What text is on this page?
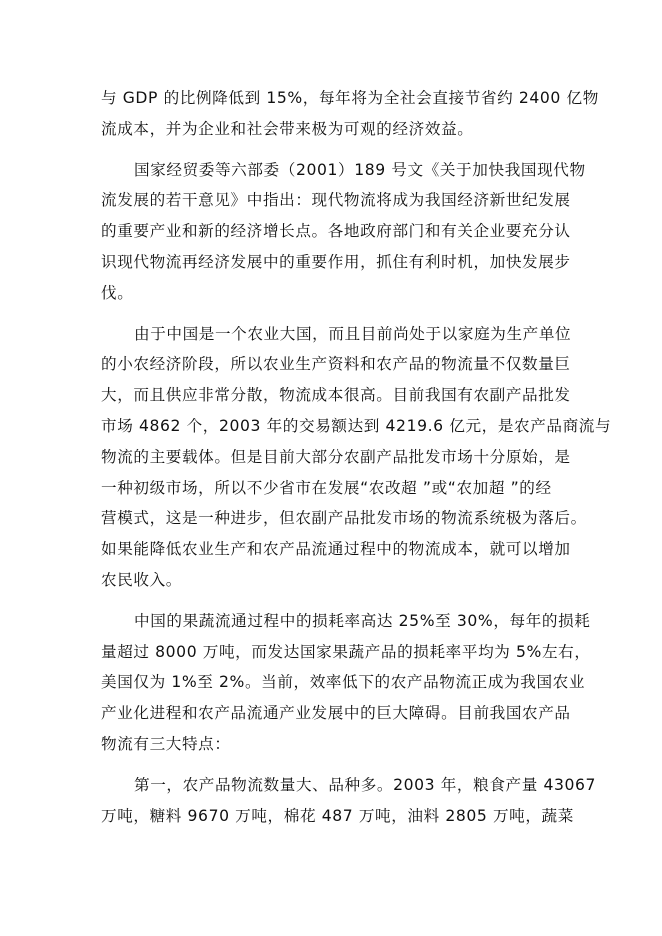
与 GDP 的比例降低到 15%，每年将为全社会直接节省约 2400 亿物
流成本，并为企业和社会带来极为可观的经济效益。
国家经贸委等六部委（2001）189 号文《关于加快我国现代物
流发展的若干意见》中指出：现代物流将成为我国经济新世纪发展
的重要产业和新的经济增长点。各地政府部门和有关企业要充分认
识现代物流再经济发展中的重要作用，抓住有利时机，加快发展步
伐。
由于中国是一个农业大国，而且目前尚处于以家庭为生产单位
的小农经济阶段，所以农业生产资料和农产品的物流量不仅数量巨
大，而且供应非常分散，物流成本很高。目前我国有农副产品批发
市场 4862 个，2003 年的交易额达到 4219.6 亿元，是农产品商流与
物流的主要载体。但是目前大部分农副产品批发市场十分原始，是
一种初级市场，所以不少省市在发展“农改超 ”或“农加超 ”的经
营模式，这是一种进步，但农副产品批发市场的物流系统极为落后。
如果能降低农业生产和农产品流通过程中的物流成本，就可以增加
农民收入。
中国的果蔬流通过程中的损耗率高达 25%至 30%，每年的损耗
量超过 8000 万吨，而发达国家果蔬产品的损耗率平均为 5%左右，
美国仅为 1%至 2%。当前，效率低下的农产品物流正成为我国农业
产业化进程和农产品流通产业发展中的巨大障碍。目前我国农产品
物流有三大特点：
第一，农产品物流数量大、品种多。2003 年，粮食产量 43067
万吨，糖料 9670 万吨，棉花 487 万吨，油料 2805 万吨，蔬菜
